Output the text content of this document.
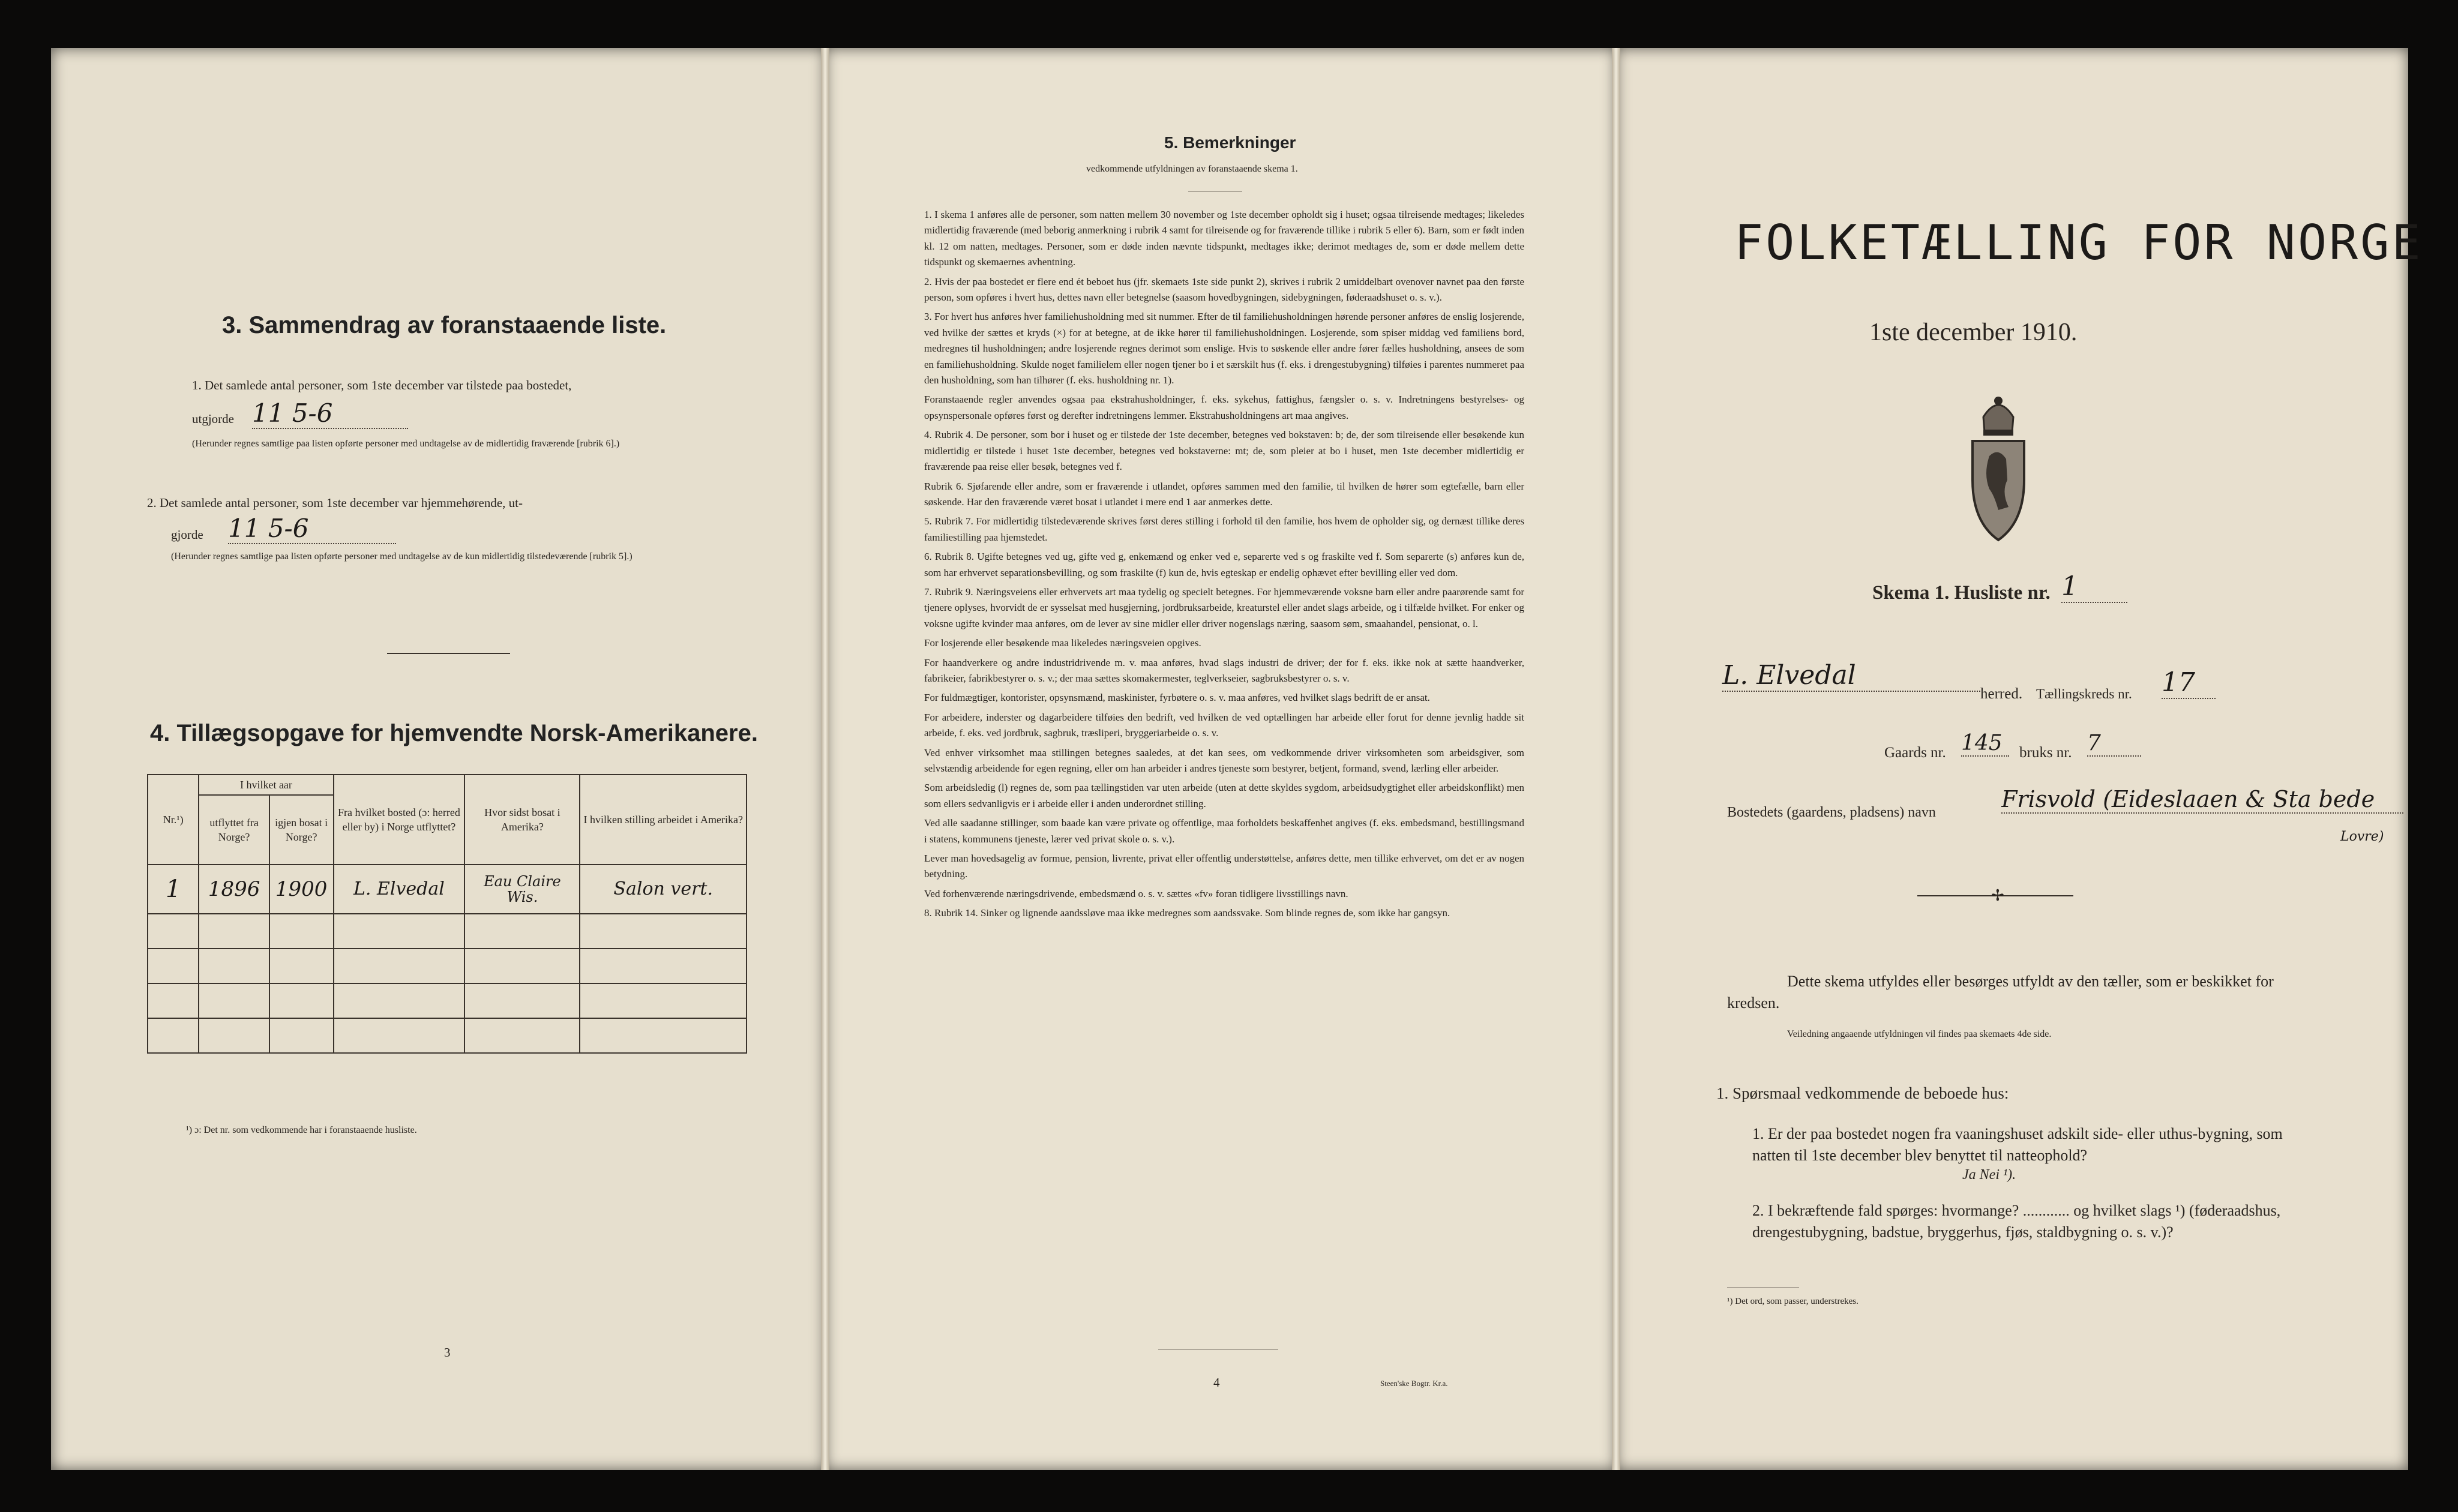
3. Sammendrag av foranstaaende liste.
1. Det samlede antal personer, som 1ste december var tilstede paa bostedet,
utgjorde 11 5-6
(Herunder regnes samtlige paa listen opførte personer med undtagelse av de midlertidig fraværende [rubrik 6].)
2. Det samlede antal personer, som 1ste december var hjemmehørende, ut-
gjorde 11 5-6
(Herunder regnes samtlige paa listen opførte personer med undtagelse av de kun midlertidig tilstedeværende [rubrik 5].)
4. Tillægsopgave for hjemvendte Norsk-Amerikanere.
Nr.¹)	I hvilket aar		Fra hvilket bosted (ɔ: herred eller by) i Norge utflyttet?	Hvor sidst bosat i Amerika?	I hvilken stilling arbeidet i Amerika?
	utflyttet fra Norge?	igjen bosat i Norge?			
1	1896	1900	L. Elvedal	Eau Claire Wis.	Salon vert.

¹) ɔ: Det nr. som vedkommende har i foranstaaende husliste.
3
5. Bemerkninger
vedkommende utfyldningen av foranstaaende skema 1.

1. I skema 1 anføres alle de personer, som natten mellem 30 november og 1ste december opholdt sig i huset; ogsaa tilreisende medtages; likeledes midlertidig fraværende (med beborig anmerkning i rubrik 4 samt for tilreisende og for fraværende tillike i rubrik 5 eller 6). Barn, som er født inden kl. 12 om natten, medtages. Personer, som er døde inden nævnte tidspunkt, medtages ikke; derimot medtages de, som er døde mellem dette tidspunkt og skemaernes avhentning.

2. Hvis der paa bostedet er flere end ét beboet hus (jfr. skemaets 1ste side punkt 2), skrives i rubrik 2 umiddelbart ovenover navnet paa den første person, som opføres i hvert hus, dettes navn eller betegnelse (saasom hovedbygningen, sidebygningen, føderaadshuset o. s. v.).

3. For hvert hus anføres hver familiehusholdning med sit nummer. Efter de til familiehusholdningen hørende personer anføres de enslig losjerende, ved hvilke der sættes et kryds (×) for at betegne, at de ikke hører til familiehusholdningen. Losjerende, som spiser middag ved familiens bord, medregnes til husholdningen; andre losjerende regnes derimot som enslige. Hvis to søskende eller andre fører fælles husholdning, ansees de som en familiehusholdning. Skulde noget familielem eller nogen tjener bo i et særskilt hus (f. eks. i drengestubygning) tilføies i parentes nummeret paa den husholdning, som han tilhører (f. eks. husholdning nr. 1).

Foranstaaende regler anvendes ogsaa paa ekstrahusholdninger, f. eks. sykehus, fattighus, fængsler o. s. v. Indretningens bestyrelses- og opsynspersonale opføres først og derefter indretningens lemmer. Ekstrahusholdningens art maa angives.

4. Rubrik 4. De personer, som bor i huset og er tilstede der 1ste december, betegnes ved bokstaven: b; de, der som tilreisende eller besøkende kun midlertidig er tilstede i huset 1ste december, betegnes ved bokstaverne: mt; de, som pleier at bo i huset, men 1ste december midlertidig er fraværende paa reise eller besøk, betegnes ved f.

Rubrik 6. Sjøfarende eller andre, som er fraværende i utlandet, opføres sammen med den familie, til hvilken de hører som egtefælle, barn eller søskende. Har den fraværende været bosat i utlandet i mere end 1 aar anmerkes dette.

5. Rubrik 7. For midlertidig tilstedeværende skrives først deres stilling i forhold til den familie, hos hvem de opholder sig, og dernæst tillike deres familiestilling paa hjemstedet.

6. Rubrik 8. Ugifte betegnes ved ug, gifte ved g, enkemænd og enker ved e, separerte ved s og fraskilte ved f. Som separerte (s) anføres kun de, som har erhvervet separationsbevilling, og som fraskilte (f) kun de, hvis egteskap er endelig ophævet efter bevilling eller ved dom.

7. Rubrik 9. Næringsveiens eller erhvervets art maa tydelig og specielt betegnes. For hjemmeværende voksne barn eller andre paarørende samt for tjenere oplyses, hvorvidt de er sysselsat med husgjerning, jordbruksarbeide, kreaturstel eller andet slags arbeide, og i tilfælde hvilket. For enker og voksne ugifte kvinder maa anføres, om de lever av sine midler eller driver nogenslags næring, saasom søm, smaahandel, pensionat, o. l.

For losjerende eller besøkende maa likeledes næringsveien opgives.

For haandverkere og andre industridrivende m. v. maa anføres, hvad slags industri de driver; der for f. eks. ikke nok at sætte haandverker, fabrikeier, fabrikbestyrer o. s. v.; der maa sættes skomakermester, teglverkseier, sagbruksbestyrer o. s. v.

For fuldmægtiger, kontorister, opsynsmænd, maskinister, fyrbøtere o. s. v. maa anføres, ved hvilket slags bedrift de er ansat.

For arbeidere, inderster og dagarbeidere tilføies den bedrift, ved hvilken de ved optællingen har arbeide eller forut for denne jevnlig hadde sit arbeide, f. eks. ved jordbruk, sagbruk, træsliperi, bryggeriarbeide o. s. v.

Ved enhver virksomhet maa stillingen betegnes saaledes, at det kan sees, om vedkommende driver virksomheten som arbeidsgiver, som selvstændig arbeidende for egen regning, eller om han arbeider i andres tjeneste som bestyrer, betjent, formand, svend, lærling eller arbeider.

Som arbeidsledig (l) regnes de, som paa tællingstiden var uten arbeide (uten at dette skyldes sygdom, arbeidsudygtighet eller arbeidskonflikt) men som ellers sedvanligvis er i arbeide eller i anden underordnet stilling.

Ved alle saadanne stillinger, som baade kan være private og offentlige, maa forholdets beskaffenhet angives (f. eks. embedsmand, bestillingsmand i statens, kommunens tjeneste, lærer ved privat skole o. s. v.).

Lever man hovedsagelig av formue, pension, livrente, privat eller offentlig understøttelse, anføres dette, men tillike erhvervet, om det er av nogen betydning.

Ved forhenværende næringsdrivende, embedsmænd o. s. v. sættes «fv» foran tidligere livsstillings navn.

8. Rubrik 14. Sinker og lignende aandssløve maa ikke medregnes som aandssvake. Som blinde regnes de, som ikke har gangsyn.

4	Steen'ske Bogtr. Kr.a.
FOLKETÆLLING FOR NORGE
1ste december 1910.
Skema 1. Husliste nr. 1
L. Elvedal
herred. Tællingskreds nr. 17
Gaards nr. 145	bruks nr. 7
Bostedets (gaardens, pladsens) navn	Frisvold (Eideslaaen & Sta bede
Lovre)
✢
Dette skema utfyldes eller besørges utfyldt av den tæller, som er beskikket for kredsen.
Veiledning angaaende utfyldningen vil findes paa skemaets 4de side.
1. Spørsmaal vedkommende de beboede hus:
1. Er der paa bostedet nogen fra vaaningshuset adskilt side- eller uthus-bygning, som natten til 1ste december blev benyttet til natteophold?
Ja Nei ¹).
2. I bekræftende fald spørges: hvormange? ............ og hvilket slags ¹) (føderaadshus, drengestubygning, badstue, bryggerhus, fjøs, staldbygning o. s. v.)?
¹) Det ord, som passer, understrekes.
